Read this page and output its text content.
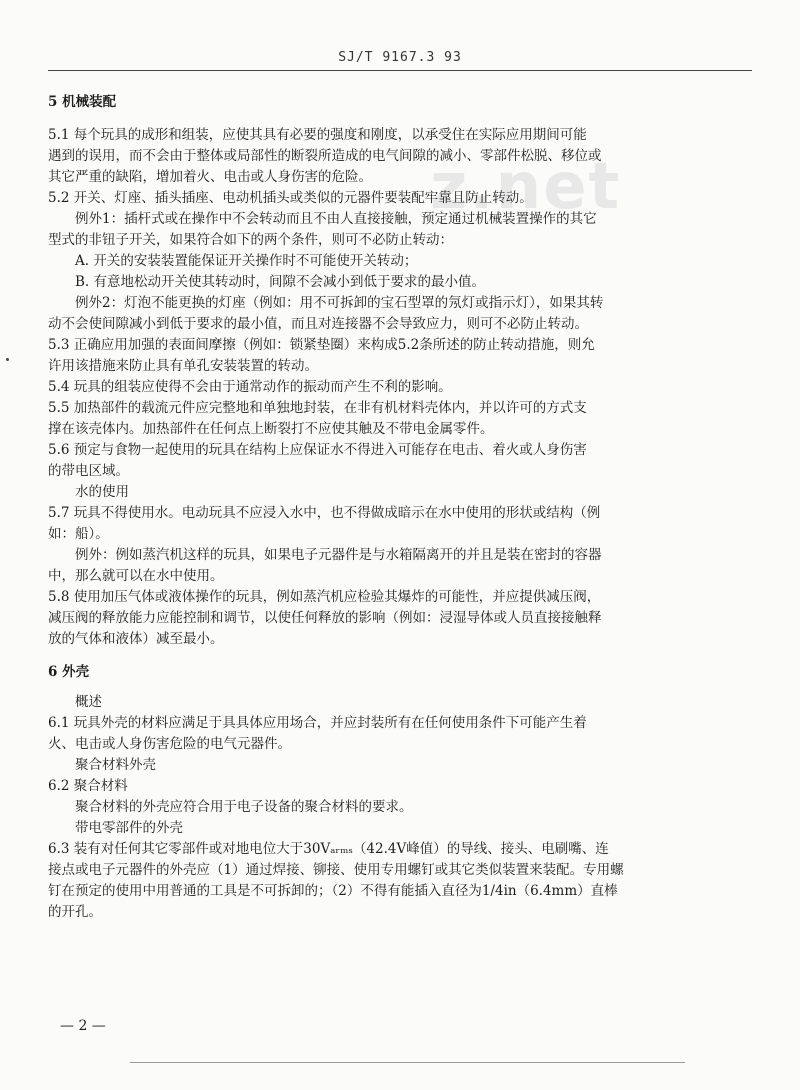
SJ/T 9167.3 93
z.net
5 机械装配
5.1 每个玩具的成形和组装，应使其具有必要的强度和刚度，以承受住在实际应用期间可能
遇到的误用，而不会由于整体或局部性的断裂所造成的电气间隙的减小、零部件松脱、移位或
其它严重的缺陷，增加着火、电击或人身伤害的危险。
5.2 开关、灯座、插头插座、电动机插头或类似的元器件要装配牢靠且防止转动。
例外1：插杆式或在操作中不会转动而且不由人直接接触，预定通过机械装置操作的其它
型式的非钮子开关，如果符合如下的两个条件，则可不必防止转动：
A. 开关的安装装置能保证开关操作时不可能使开关转动；
B. 有意地松动开关使其转动时，间隙不会减小到低于要求的最小值。
例外2：灯泡不能更换的灯座（例如：用不可拆卸的宝石型罩的氖灯或指示灯），如果其转
动不会使间隙减小到低于要求的最小值，而且对连接器不会导致应力，则可不必防止转动。
5.3 正确应用加强的表面间摩擦（例如：锁紧垫圈）来构成5.2条所述的防止转动措施，则允
许用该措施来防止具有单孔安装装置的转动。
5.4 玩具的组装应使得不会由于通常动作的振动而产生不利的影响。
5.5 加热部件的载流元件应完整地和单独地封装，在非有机材料壳体内，并以许可的方式支
撑在该壳体内。加热部件在任何点上断裂打不应使其触及不带电金属零件。
5.6 预定与食物一起使用的玩具在结构上应保证水不得进入可能存在电击、着火或人身伤害
的带电区域。
水的使用
5.7 玩具不得使用水。电动玩具不应浸入水中，也不得做成暗示在水中使用的形状或结构（例
如：船）。
例外：例如蒸汽机这样的玩具，如果电子元器件是与水箱隔离开的并且是装在密封的容器
中，那么就可以在水中使用。
5.8 使用加压气体或液体操作的玩具，例如蒸汽机应检验其爆炸的可能性，并应提供减压阀，
减压阀的释放能力应能控制和调节，以使任何释放的影响（例如：浸湿导体或人员直接接触释
放的气体和液体）减至最小。
6 外壳
概述
6.1 玩具外壳的材料应满足于具具体应用场合，并应封装所有在任何使用条件下可能产生着
火、电击或人身伤害危险的电气元器件。
聚合材料外壳
6.2 聚合材料
聚合材料的外壳应符合用于电子设备的聚合材料的要求。
带电零部件的外壳
6.3 装有对任何其它零部件或对地电位大于30Vₐᵣₘₛ（42.4V峰值）的导线、接头、电刷嘴、连
接点或电子元器件的外壳应（1）通过焊接、铆接、使用专用螺钉或其它类似装置来装配。专用螺
钉在预定的使用中用普通的工具是不可拆卸的；（2）不得有能插入直径为1/4in（6.4mm）直棒
的开孔。
— 2 —
